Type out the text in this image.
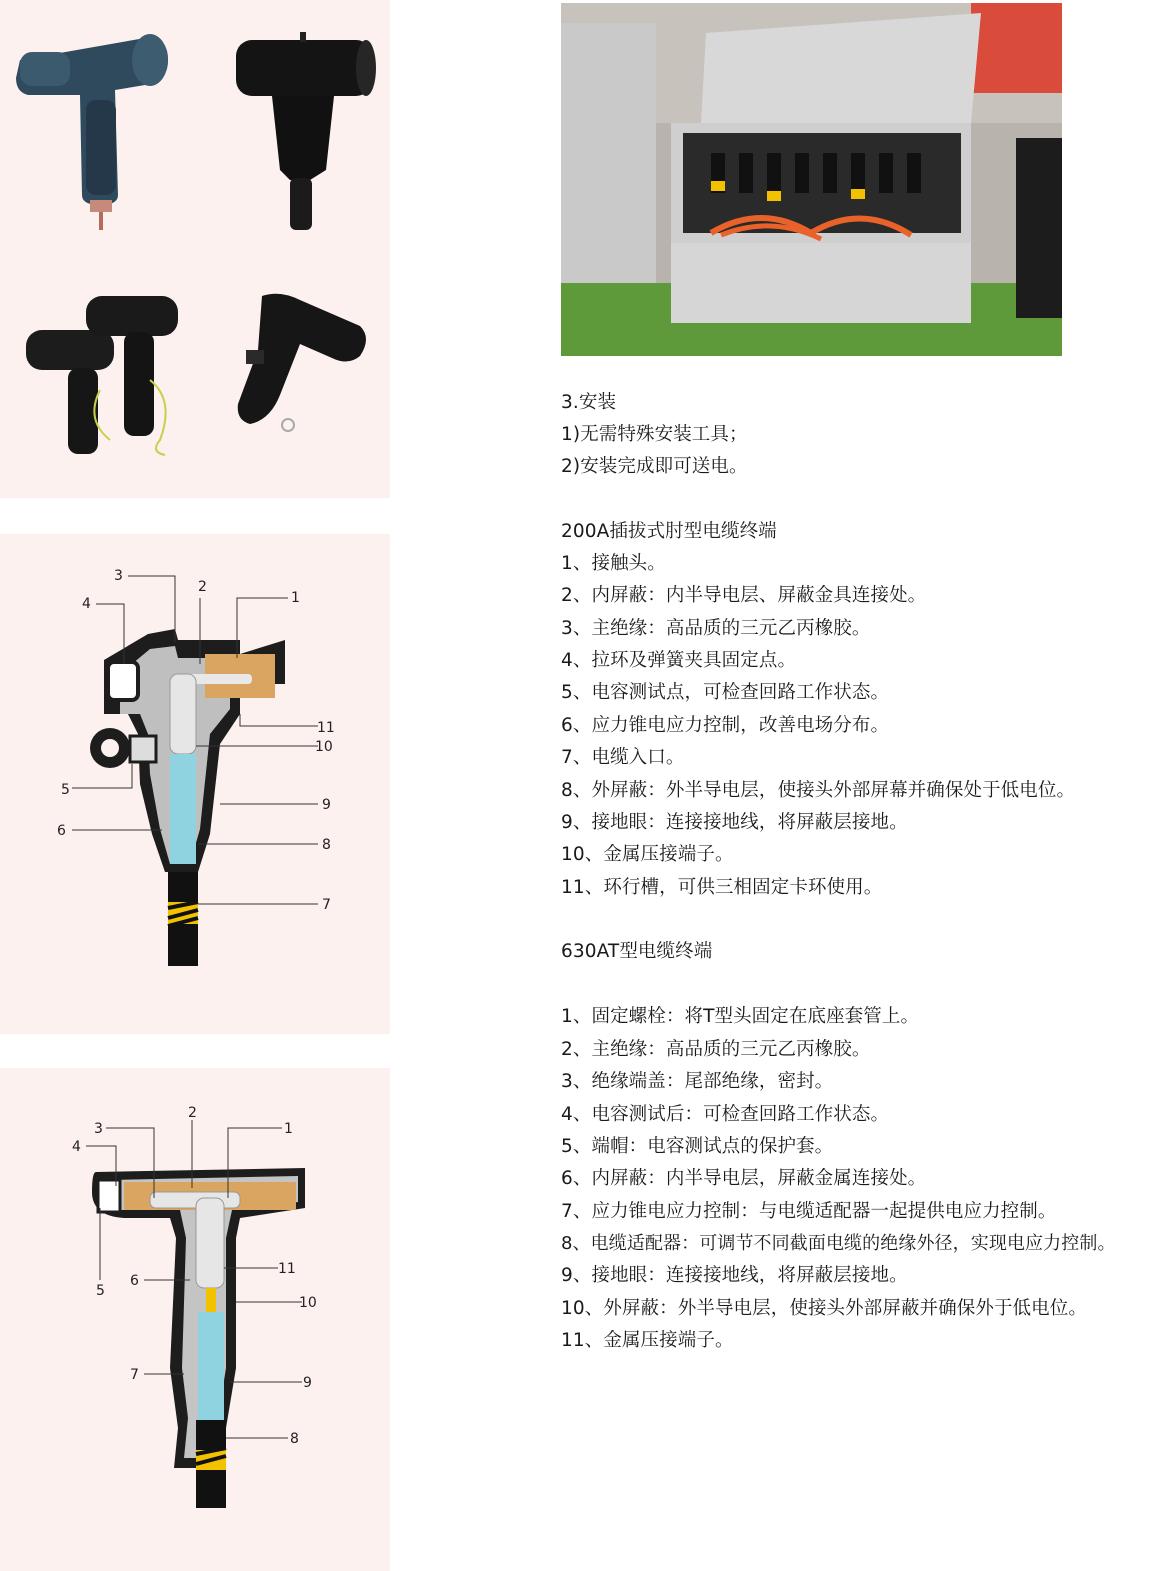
1
2
3
4
5
6
7
8
9
10
11
1
2
3
4
5
6
7
8
9
10
11
3.安装
1)无需特殊安装工具；
2)安装完成即可送电。
200A插拔式肘型电缆终端
1、接触头。
2、内屏蔽：内半导电层、屏蔽金具连接处。
3、主绝缘：高品质的三元乙丙橡胶。
4、拉环及弹簧夹具固定点。
5、电容测试点，可检查回路工作状态。
6、应力锥电应力控制，改善电场分布。
7、电缆入口。
8、外屏蔽：外半导电层，使接头外部屏幕并确保处于低电位。
9、接地眼：连接接地线，将屏蔽层接地。
10、金属压接端子。
11、环行槽，可供三相固定卡环使用。
630AT型电缆终端
1、固定螺栓：将T型头固定在底座套管上。
2、主绝缘：高品质的三元乙丙橡胶。
3、绝缘端盖：尾部绝缘，密封。
4、电容测试后：可检查回路工作状态。
5、端帽：电容测试点的保护套。
6、内屏蔽：内半导电层，屏蔽金属连接处。
7、应力锥电应力控制：与电缆适配器一起提供电应力控制。
8、电缆适配器：可调节不同截面电缆的绝缘外径，实现电应力控制。
9、接地眼：连接接地线，将屏蔽层接地。
10、外屏蔽：外半导电层，使接头外部屏蔽并确保外于低电位。
11、金属压接端子。
